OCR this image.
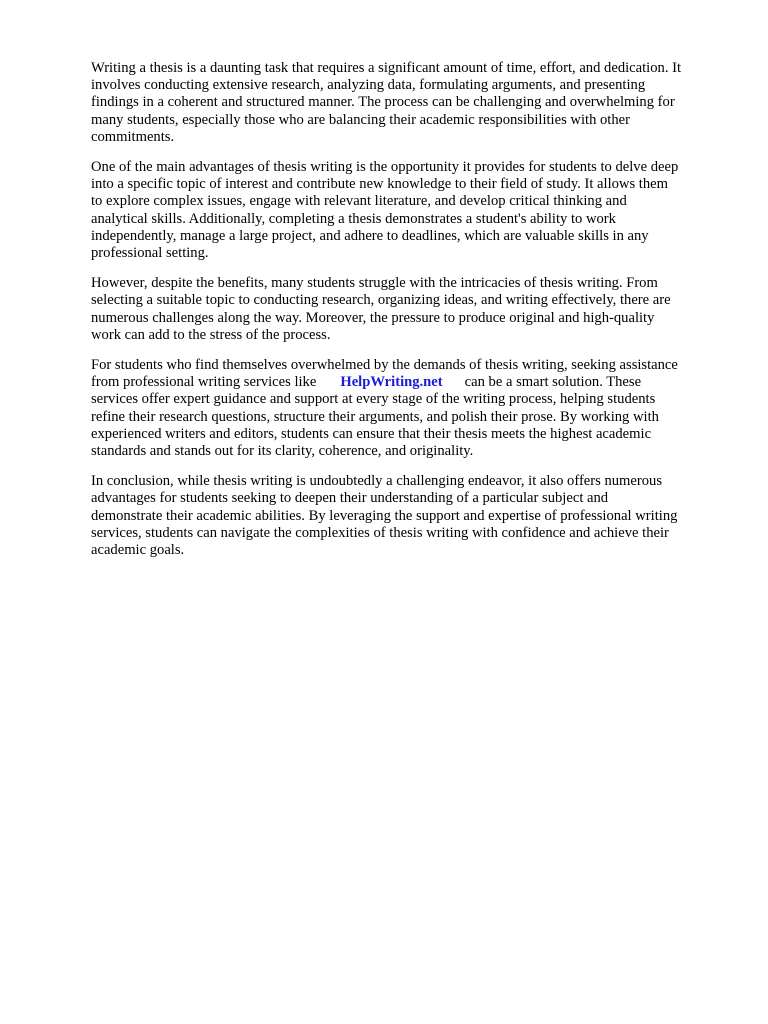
Writing a thesis is a daunting task that requires a significant amount of time, effort, and dedication. It
involves conducting extensive research, analyzing data, formulating arguments, and presenting
findings in a coherent and structured manner. The process can be challenging and overwhelming for
many students, especially those who are balancing their academic responsibilities with other
commitments.

One of the main advantages of thesis writing is the opportunity it provides for students to delve deep
into a specific topic of interest and contribute new knowledge to their field of study. It allows them
to explore complex issues, engage with relevant literature, and develop critical thinking and
analytical skills. Additionally, completing a thesis demonstrates a student's ability to work
independently, manage a large project, and adhere to deadlines, which are valuable skills in any
professional setting.

However, despite the benefits, many students struggle with the intricacies of thesis writing. From
selecting a suitable topic to conducting research, organizing ideas, and writing effectively, there are
numerous challenges along the way. Moreover, the pressure to produce original and high-quality
work can add to the stress of the process.

For students who find themselves overwhelmed by the demands of thesis writing, seeking assistance
from professional writing services like HelpWriting.net can be a smart solution. These
services offer expert guidance and support at every stage of the writing process, helping students
refine their research questions, structure their arguments, and polish their prose. By working with
experienced writers and editors, students can ensure that their thesis meets the highest academic
standards and stands out for its clarity, coherence, and originality.

In conclusion, while thesis writing is undoubtedly a challenging endeavor, it also offers numerous
advantages for students seeking to deepen their understanding of a particular subject and
demonstrate their academic abilities. By leveraging the support and expertise of professional writing
services, students can navigate the complexities of thesis writing with confidence and achieve their
academic goals.
